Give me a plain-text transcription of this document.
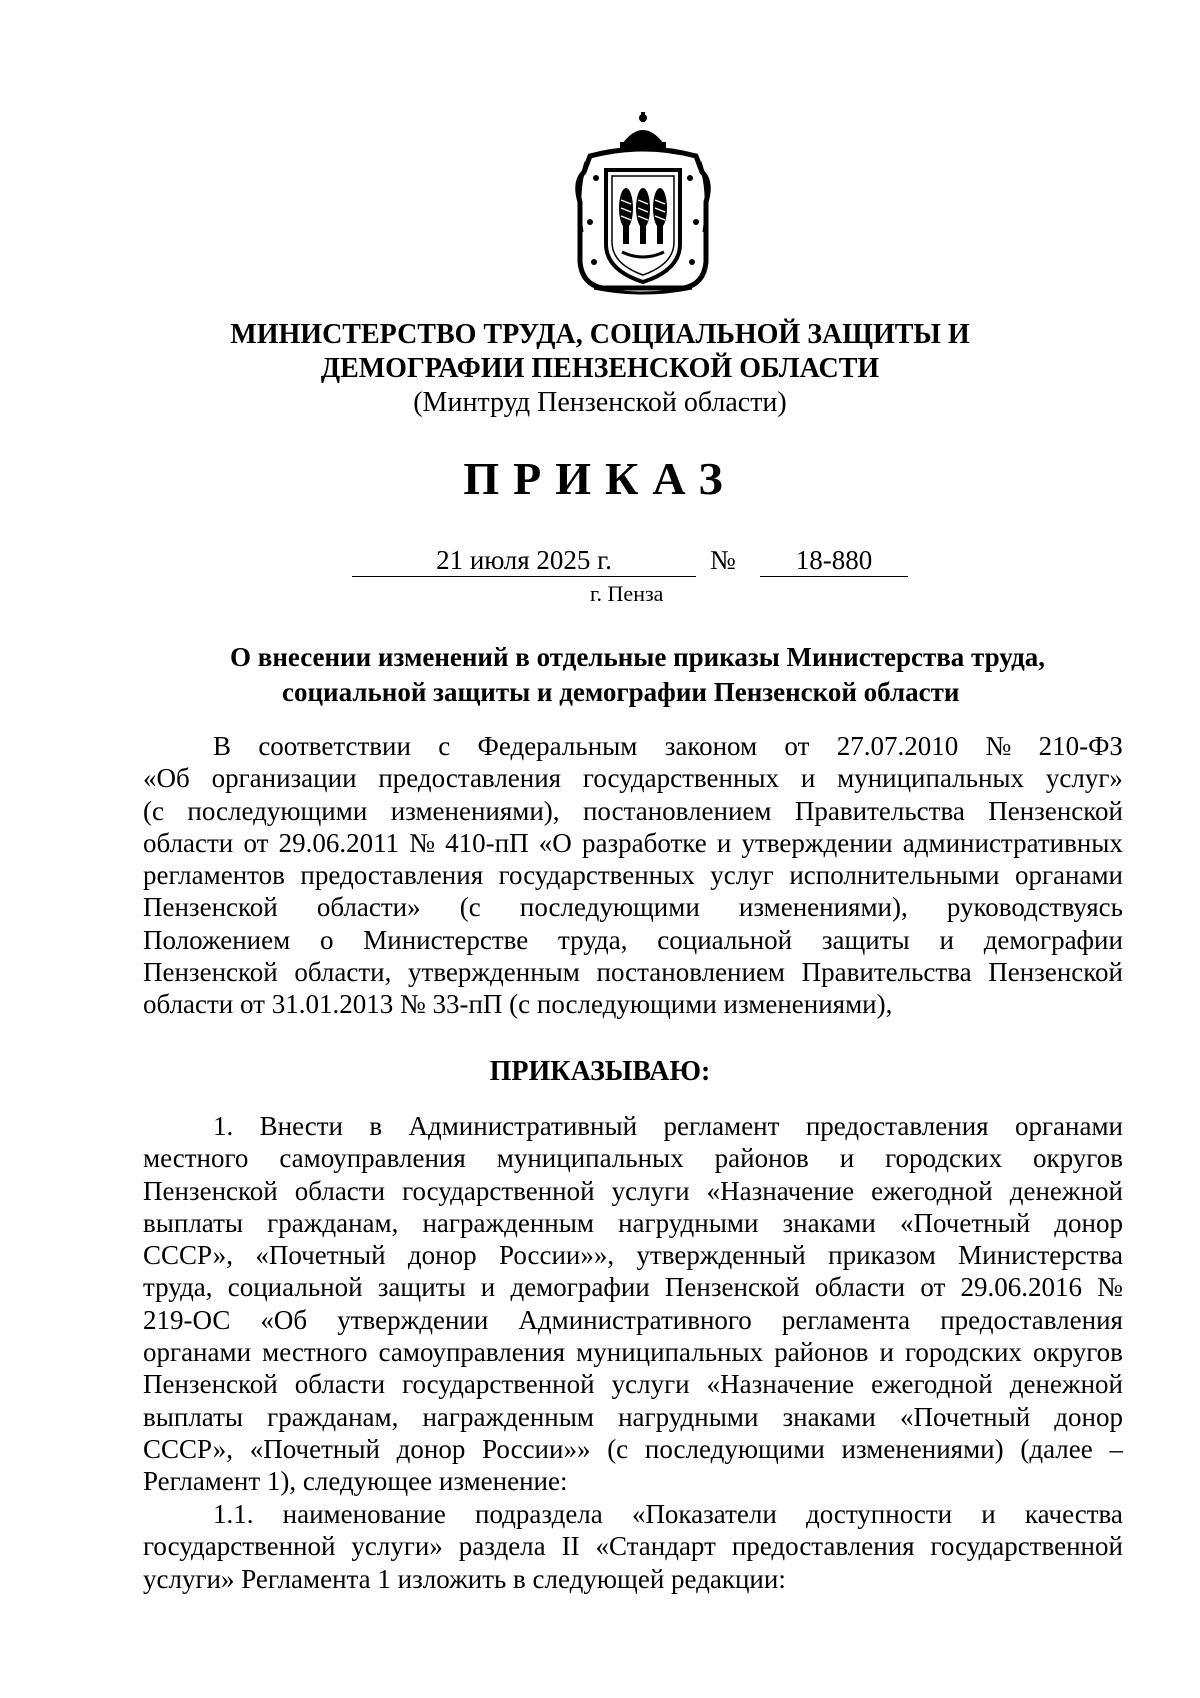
МИНИСТЕРСТВО ТРУДА, СОЦИАЛЬНОЙ ЗАЩИТЫ И
ДЕМОГРАФИИ ПЕНЗЕНСКОЙ ОБЛАСТИ
(Минтруд Пензенской области)
ПРИКАЗ
21 июля 2025 г.	№	18-880
г. Пенза
О внесении изменений в отдельные приказы Министерства труда,
социальной защиты и демографии Пензенской области
В соответствии с Федеральным законом от 27.07.2010 № 210-ФЗ
«Об организации предоставления государственных и муниципальных услуг»
(с последующими изменениями), постановлением Правительства Пензенской
области от 29.06.2011 № 410-пП «О разработке и утверждении административных
регламентов предоставления государственных услуг исполнительными органами
Пензенской области» (с последующими изменениями), руководствуясь
Положением о Министерстве труда, социальной защиты и демографии
Пензенской области, утвержденным постановлением Правительства Пензенской
области от 31.01.2013 № 33-пП (с последующими изменениями),
ПРИКАЗЫВАЮ:
1. Внести в Административный регламент предоставления органами
местного самоуправления муниципальных районов и городских округов
Пензенской области государственной услуги «Назначение ежегодной денежной
выплаты гражданам, награжденным нагрудными знаками «Почетный донор
СССР», «Почетный донор России»», утвержденный приказом Министерства
труда, социальной защиты и демографии Пензенской области от 29.06.2016 №
219-ОС «Об утверждении Административного регламента предоставления
органами местного самоуправления муниципальных районов и городских округов
Пензенской области государственной услуги «Назначение ежегодной денежной
выплаты гражданам, награжденным нагрудными знаками «Почетный донор
СССР», «Почетный донор России»» (с последующими изменениями) (далее –
Регламент 1), следующее изменение:
1.1. наименование подраздела «Показатели доступности и качества
государственной услуги» раздела II «Стандарт предоставления государственной
услуги» Регламента 1 изложить в следующей редакции:
